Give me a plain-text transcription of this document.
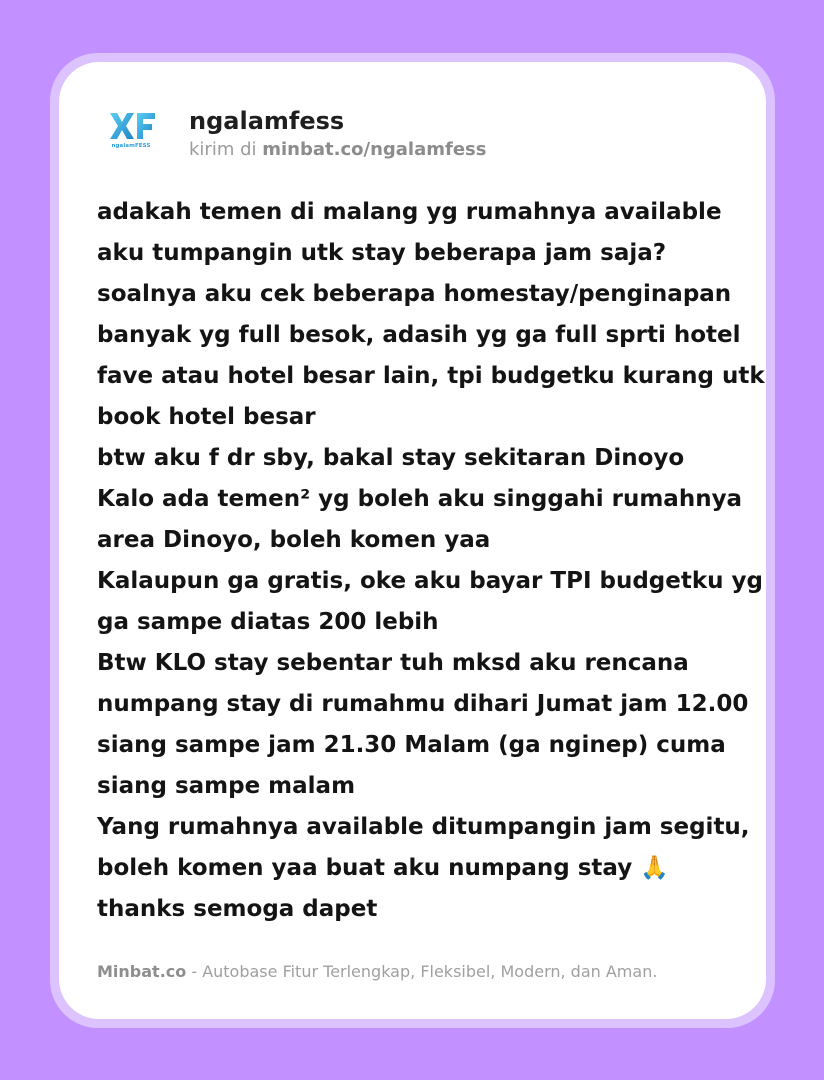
ngalamFESS
ngalamfess
kirim di minbat.co/ngalamfess
adakah temen di malang yg rumahnya available
aku tumpangin utk stay beberapa jam saja?
soalnya aku cek beberapa homestay/penginapan
banyak yg full besok, adasih yg ga full sprti hotel
fave atau hotel besar lain, tpi budgetku kurang utk
book hotel besar
btw aku f dr sby, bakal stay sekitaran Dinoyo
Kalo ada temen² yg boleh aku singgahi rumahnya
area Dinoyo, boleh komen yaa
Kalaupun ga gratis, oke aku bayar TPI budgetku yg
ga sampe diatas 200 lebih
Btw KLO stay sebentar tuh mksd aku rencana
numpang stay di rumahmu dihari Jumat jam 12.00
siang sampe jam 21.30 Malam (ga nginep) cuma
siang sampe malam
Yang rumahnya available ditumpangin jam segitu,
boleh komen yaa buat aku numpang stay 🙏
thanks semoga dapet
Minbat.co - Autobase Fitur Terlengkap, Fleksibel, Modern, dan Aman.
